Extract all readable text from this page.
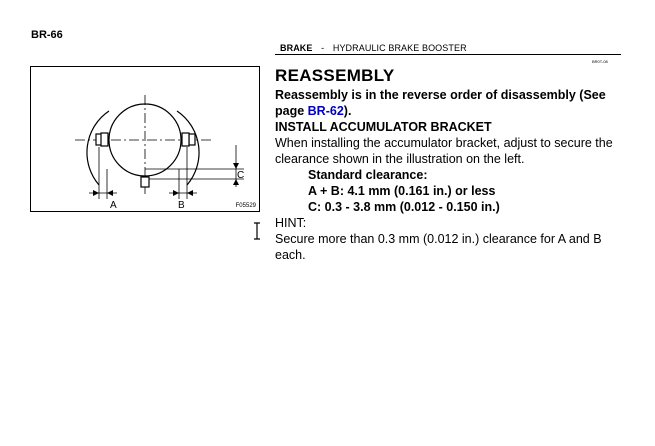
BR-66
BRAKE - HYDRAULIC BRAKE BOOSTER
BR0T-08
A	B
C
F05529
REASSEMBLY

Reassembly is in the reverse order of disassembly (See page BR-62).

INSTALL ACCUMULATOR BRACKET

When installing the accumulator bracket, adjust to secure the clearance shown in the illustration on the left.

Standard clearance:

A + B: 4.1 mm (0.161 in.) or less

C: 0.3 - 3.8 mm (0.012 - 0.150 in.)

HINT:

Secure more than 0.3 mm (0.012 in.) clearance for A and B each.
